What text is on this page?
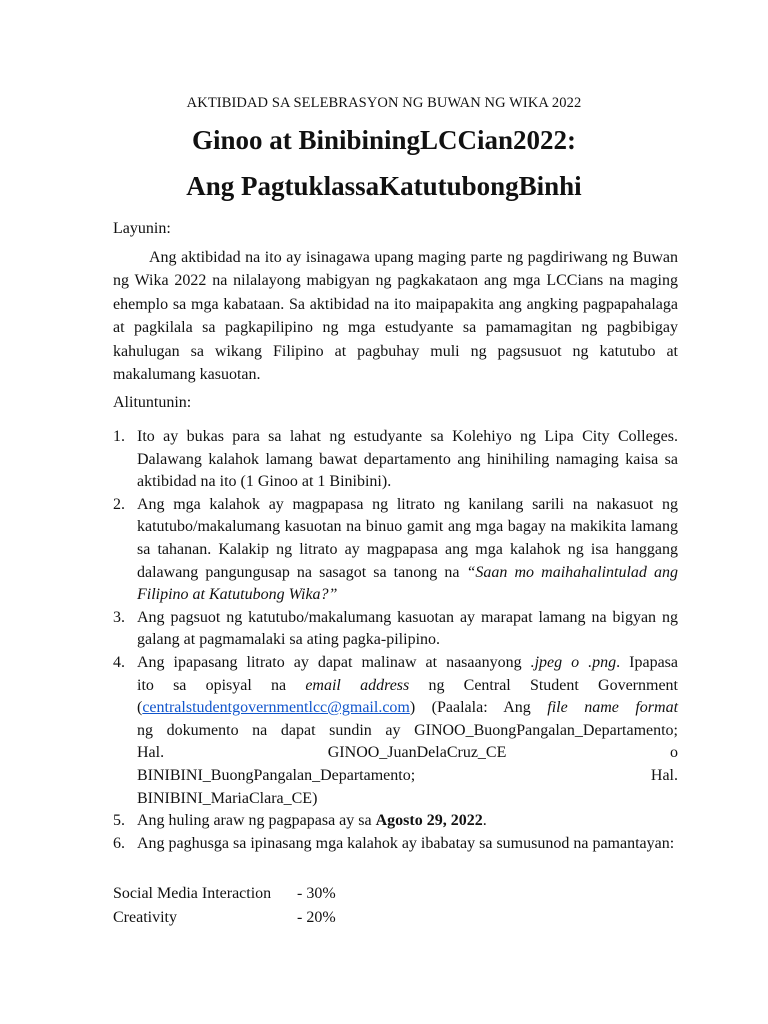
AKTIBIDAD SA SELEBRASYON NG BUWAN NG WIKA 2022
Ginoo at BinibiningLCCian2022:
Ang PagtuklassaKatutubongBinhi
Layunin:
Ang aktibidad na ito ay isinagawa upang maging parte ng pagdiriwang ng Buwan ng Wika 2022 na nilalayong mabigyan ng pagkakataon ang mga LCCians na maging ehemplo sa mga kabataan. Sa aktibidad na ito maipapakita ang angking pagpapahalaga at pagkilala sa pagkapilipino ng mga estudyante sa pamamagitan ng pagbibigay kahulugan sa wikang Filipino at pagbuhay muli ng pagsusuot ng katutubo at makalumang kasuotan.
Alituntunin:
1. Ito ay bukas para sa lahat ng estudyante sa Kolehiyo ng Lipa City Colleges. Dalawang kalahok lamang bawat departamento ang hinihiling namaging kaisa sa aktibidad na ito (1 Ginoo at 1 Binibini).
2. Ang mga kalahok ay magpapasa ng litrato ng kanilang sarili na nakasuot ng katutubo/makalumang kasuotan na binuo gamit ang mga bagay na makikita lamang sa tahanan. Kalakip ng litrato ay magpapasa ang mga kalahok ng isa hanggang dalawang pangungusap na sasagot sa tanong na “Saan mo maihahalintulad ang Filipino at Katutubong Wika?”
3. Ang pagsuot ng katutubo/makalumang kasuotan ay marapat lamang na bigyan ng galang at pagmamalaki sa ating pagka-pilipino.
4. Ang ipapasang litrato ay dapat malinaw at nasaanyong .jpeg o .png. Ipapasa
ito sa opisyal na email address ng Central Student Government
(centralstudentgovernmentlcc@gmail.com) (Paalala: Ang file name format
ng dokumento na dapat sundin ay GINOO_BuongPangalan_Departamento;
Hal.	GINOO_JuanDelaCruz_CE	o
BINIBINI_BuongPangalan_Departamento;	Hal.
BINIBINI_MariaClara_CE)
5. Ang huling araw ng pagpapasa ay sa Agosto 29, 2022.
6. Ang paghusga sa ipinasang mga kalahok ay ibabatay sa sumusunod na pamantayan:
Social Media Interaction - 30%
Creativity	- 20%
